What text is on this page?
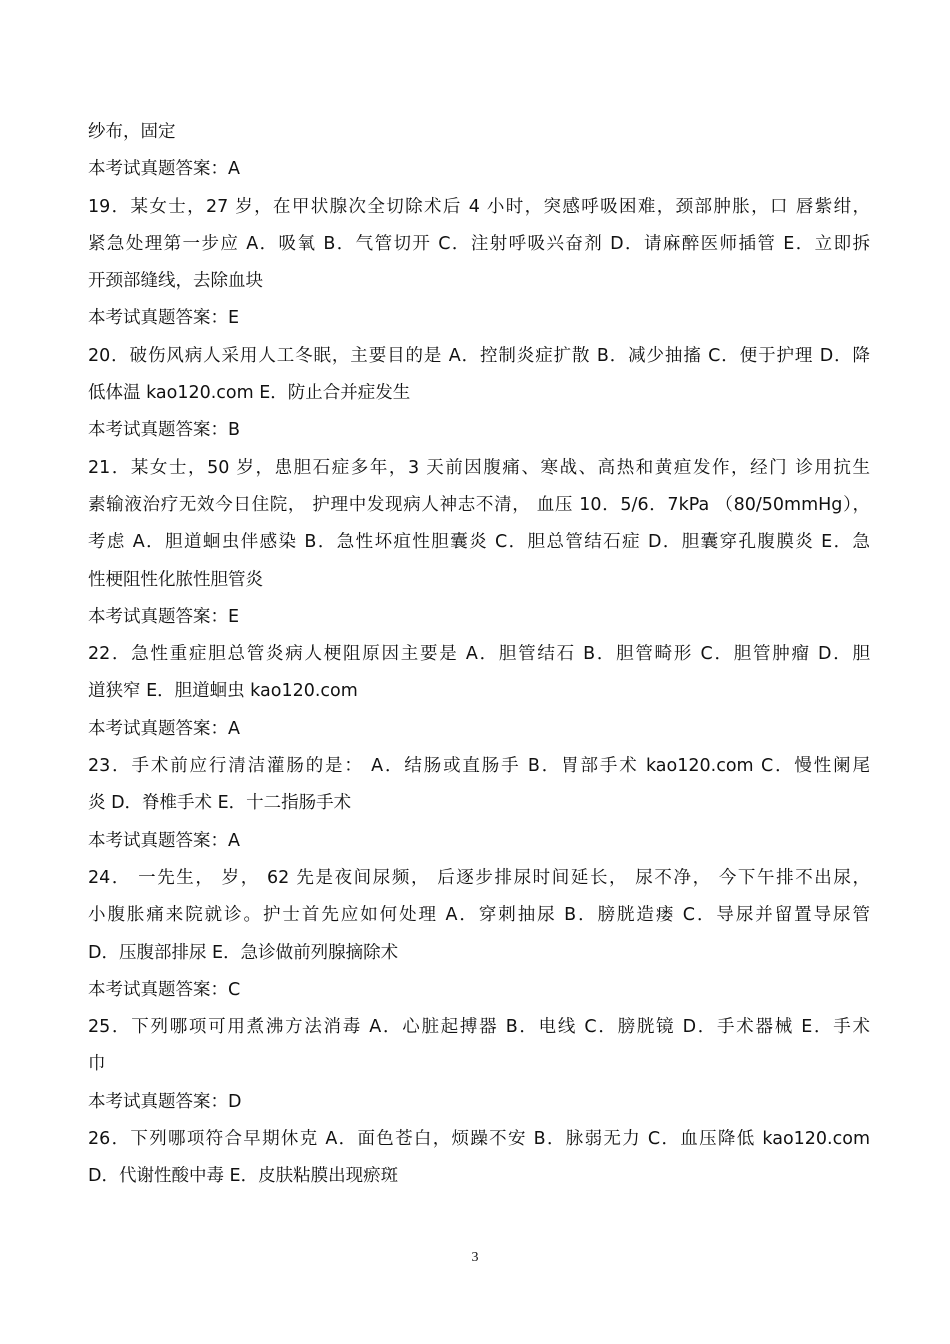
纱布，固定
本考试真题答案：A
19．某女士，27 岁，在甲状腺次全切除术后 4 小时，突感呼吸困难，颈部肿胀，口 唇紫绀，
紧急处理第一步应 A．吸氧 B．气管切开 C．注射呼吸兴奋剂 D．请麻醉医师插管 E．立即拆
开颈部缝线，去除血块
本考试真题答案：E
20．破伤风病人采用人工冬眠，主要目的是 A．控制炎症扩散 B．减少抽搐 C．便于护理 D．降
低体温 kao120.com E．防止合并症发生
本考试真题答案：B
21．某女士，50 岁，患胆石症多年，3 天前因腹痛、寒战、高热和黄疸发作，经门 诊用抗生
素输液治疗无效今日住院， 护理中发现病人神志不清， 血压 10．5/6．7kPa （80/50mmHg），
考虑 A．胆道蛔虫伴感染 B．急性坏疽性胆囊炎 C．胆总管结石症 D．胆囊穿孔腹膜炎 E．急
性梗阻性化脓性胆管炎
本考试真题答案：E
22．急性重症胆总管炎病人梗阻原因主要是 A．胆管结石 B．胆管畸形 C．胆管肿瘤 D．胆
道狭窄 E．胆道蛔虫 kao120.com
本考试真题答案：A
23．手术前应行清洁灌肠的是： A．结肠或直肠手 B．胃部手术 kao120.com C．慢性阑尾
炎 D．脊椎手术 E．十二指肠手术
本考试真题答案：A
24． 一先生， 岁， 62 先是夜间尿频， 后逐步排尿时间延长， 尿不净， 今下午排不出尿，
小腹胀痛来院就诊。护士首先应如何处理 A．穿刺抽尿 B．膀胱造瘘 C．导尿并留置导尿管
D．压腹部排尿 E．急诊做前列腺摘除术
本考试真题答案：C
25．下列哪项可用煮沸方法消毒 A．心脏起搏器 B．电线 C．膀胱镜 D．手术器械 E．手术
巾
本考试真题答案：D
26．下列哪项符合早期休克 A．面色苍白，烦躁不安 B．脉弱无力 C．血压降低 kao120.com
D．代谢性酸中毒 E．皮肤粘膜出现瘀斑
3
